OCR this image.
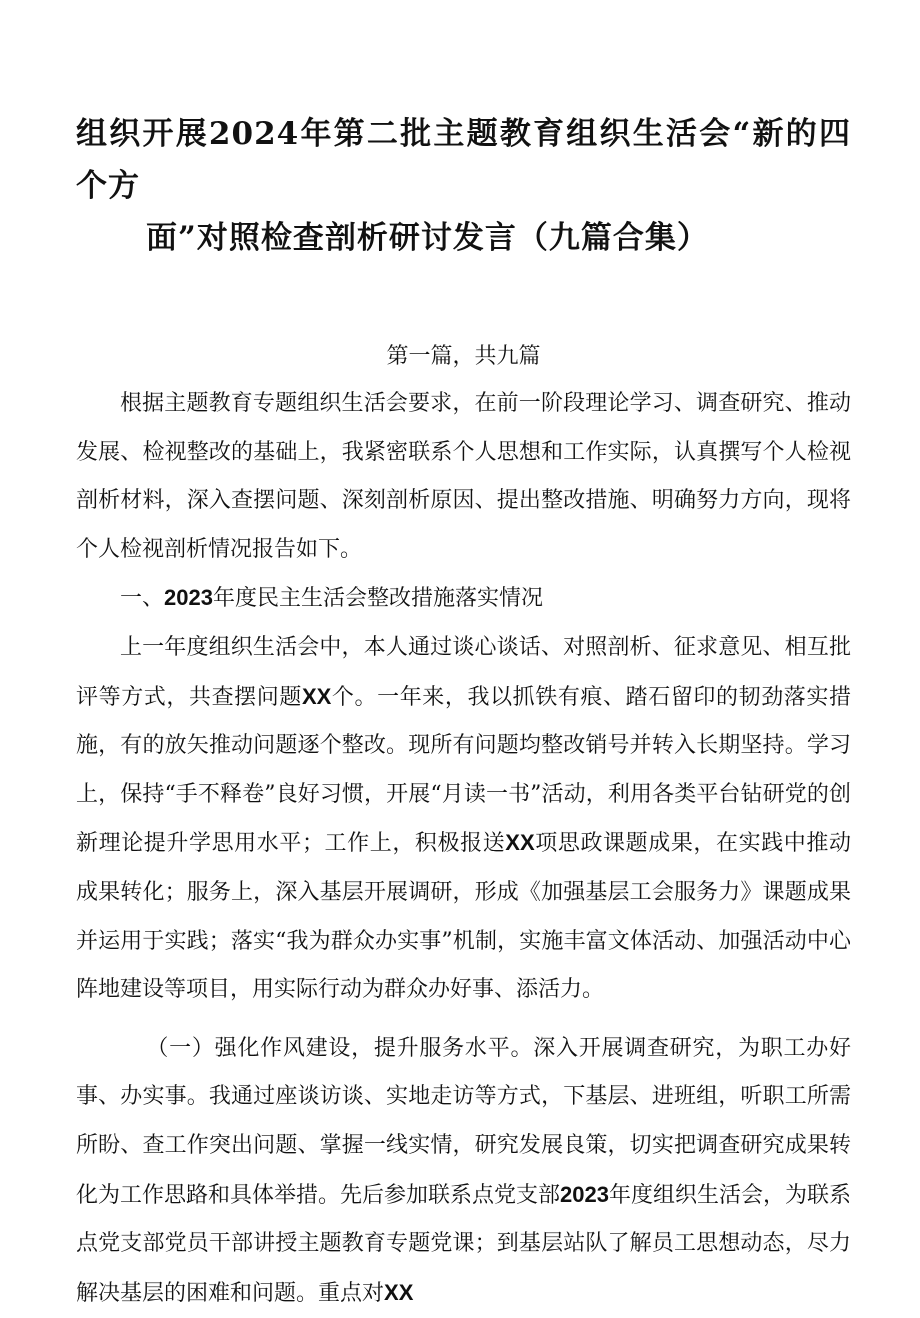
组织开展2024年第二批主题教育组织生活会“新的四个方
面”对照检查剖析研讨发言（九篇合集）

第一篇，共九篇

根据主题教育专题组织生活会要求，在前一阶段理论学习、调查研究、推动发展、检视整改的基础上，我紧密联系个人思想和工作实际，认真撰写个人检视剖析材料，深入查摆问题、深刻剖析原因、提出整改措施、明确努力方向，现将个人检视剖析情况报告如下。

一、2023年度民主生活会整改措施落实情况

上一年度组织生活会中，本人通过谈心谈话、对照剖析、征求意见、相互批评等方式，共查摆问题XX个。一年来，我以抓铁有痕、踏石留印的韧劲落实措施，有的放矢推动问题逐个整改。现所有问题均整改销号并转入长期坚持。学习上，保持“手不释卷”良好习惯，开展“月读一书”活动，利用各类平台钻研党的创新理论提升学思用水平；工作上，积极报送XX项思政课题成果，在实践中推动成果转化；服务上，深入基层开展调研，形成《加强基层工会服务力》课题成果并运用于实践；落实“我为群众办实事”机制，实施丰富文体活动、加强活动中心阵地建设等项目，用实际行动为群众办好事、添活力。

（一）强化作风建设，提升服务水平。深入开展调查研究，为职工办好事、办实事。我通过座谈访谈、实地走访等方式，下基层、进班组，听职工所需所盼、查工作突出问题、掌握一线实情，研究发展良策，切实把调查研究成果转化为工作思路和具体举措。先后参加联系点党支部2023年度组织生活会，为联系点党支部党员干部讲授主题教育专题党课；到基层站队了解员工思想动态，尽力解决基层的困难和问题。重点对XX
